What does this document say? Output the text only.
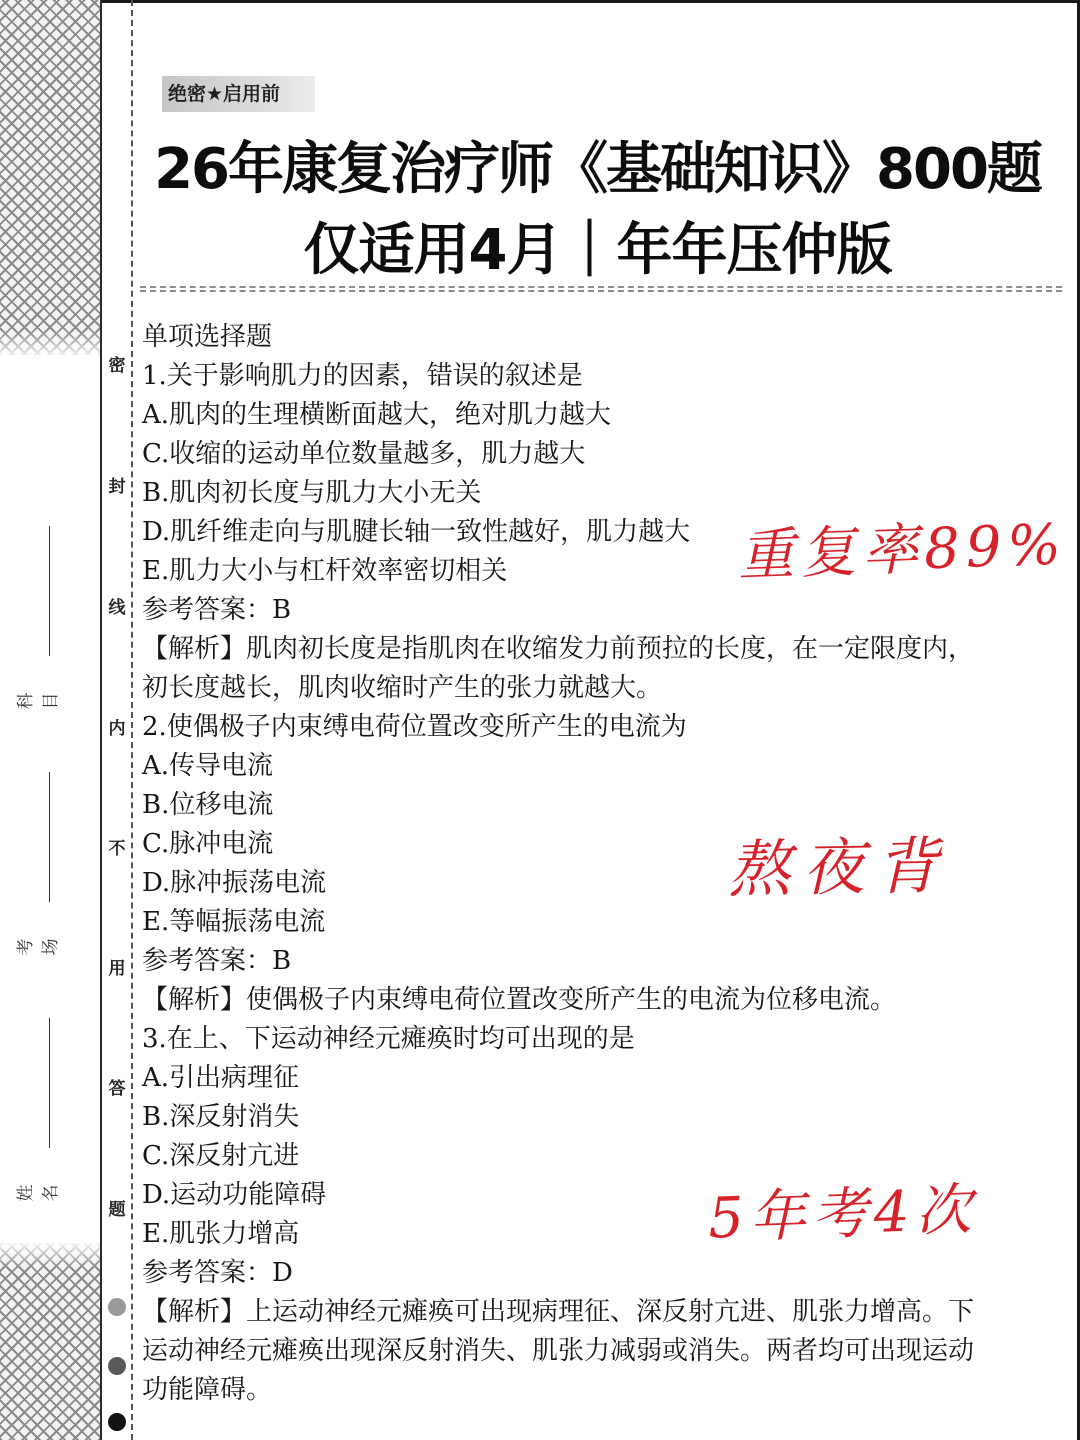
密
封
线
内
不
用
答
题
科目
考场
姓名
绝密★启用前
26年康复治疗师《基础知识》800题
仅适用4月｜年年压仲版
单项选择题
1.关于影响肌力的因素，错误的叙述是
A.肌肉的生理横断面越大，绝对肌力越大
C.收缩的运动单位数量越多，肌力越大
B.肌肉初长度与肌力大小无关
D.肌纤维走向与肌腱长轴一致性越好，肌力越大
E.肌力大小与杠杆效率密切相关
参考答案：B
【解析】肌肉初长度是指肌肉在收缩发力前预拉的长度，在一定限度内，
初长度越长，肌肉收缩时产生的张力就越大。
2.使偶极子内束缚电荷位置改变所产生的电流为
A.传导电流
B.位移电流
C.脉冲电流
D.脉冲振荡电流
E.等幅振荡电流
参考答案：B
【解析】使偶极子内束缚电荷位置改变所产生的电流为位移电流。
3.在上、下运动神经元瘫痪时均可出现的是
A.引出病理征
B.深反射消失
C.深反射亢进
D.运动功能障碍
E.肌张力增高
参考答案：D
【解析】上运动神经元瘫痪可出现病理征、深反射亢进、肌张力增高。下
运动神经元瘫痪出现深反射消失、肌张力减弱或消失。两者均可出现运动
功能障碍。
重复率89%
熬夜背
5年考4次
